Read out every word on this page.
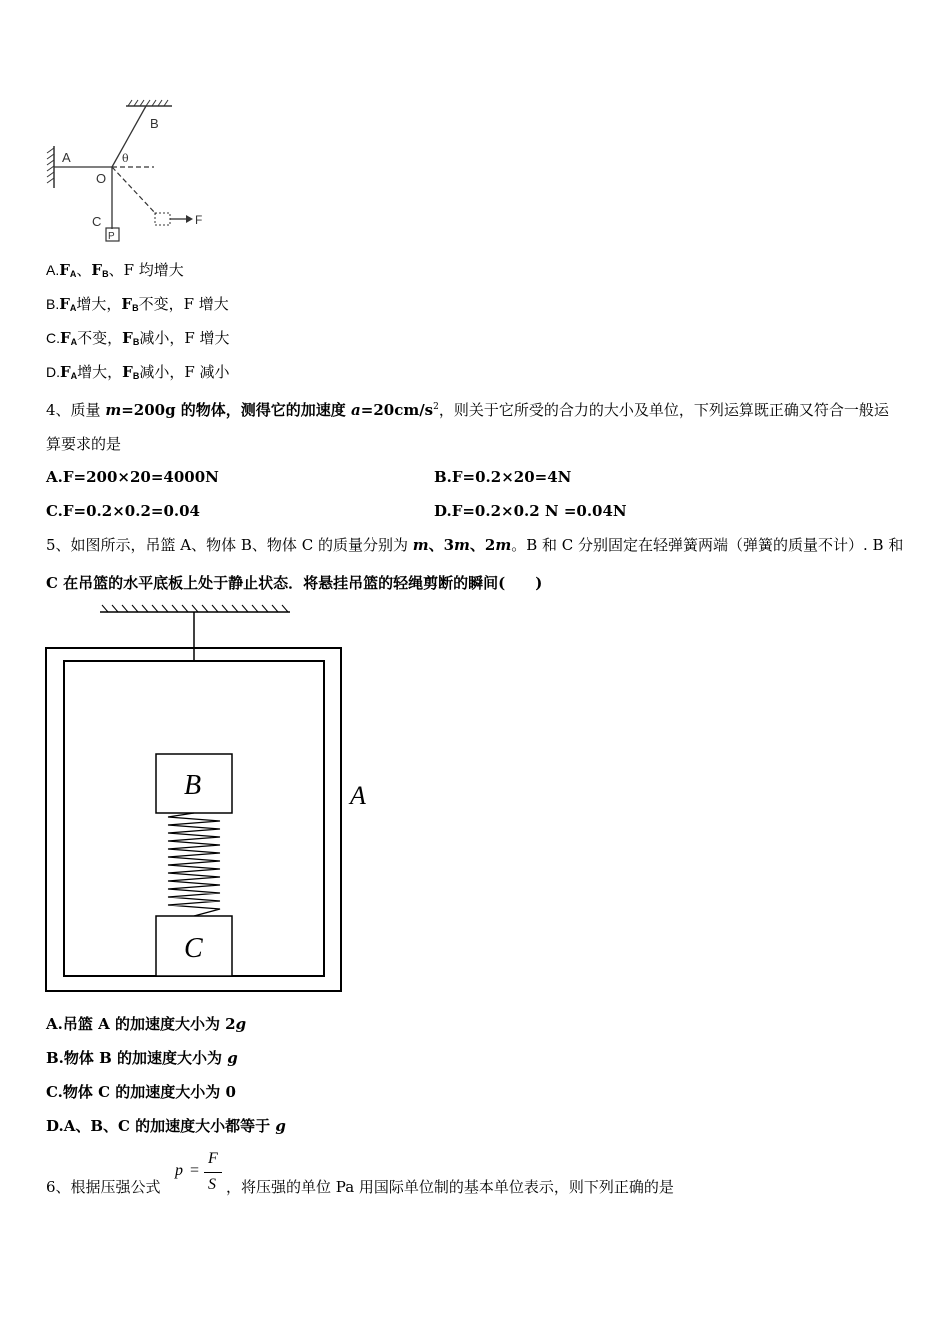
A
B
O
θ
C
P
F
$A.F_A$、$F_B$、F 均增大
$B.F_A$增大，$F_B$不变，F 增大
$C.F_A$不变，$F_B$减小，F 增大
$D.F_A$增大，$F_B$减小，F 减小
4、质量 m=200g 的物体，测得它的加速度 $a=20cm/s^2$，则关于它所受的合力的大小及单位，下列运算既正确又符合一般运
算要求的是
A.F=200×20=4000N	B.F=0.2×20=4N
C.F=0.2×0.2=0.04	D.F=0.2×0.2 N =0.04N
5、如图所示，吊篮 A、物体 B、物体 C 的质量分别为 m、3m、2m。B 和 C 分别固定在轻弹簧两端（弹簧的质量不计）. B 和
C 在吊篮的水平底板上处于静止状态．将悬挂吊篮的轻绳剪断的瞬间(　　)
B
C
A
A.吊篮 A 的加速度大小为 2g
B.物体 B 的加速度大小为 g
C.物体 C 的加速度大小为 0
D.A、B、C 的加速度大小都等于 g
6、根据压强公式
p =
F
S ，将压强的单位 Pa 用国际单位制的基本单位表示，则下列正确的是
